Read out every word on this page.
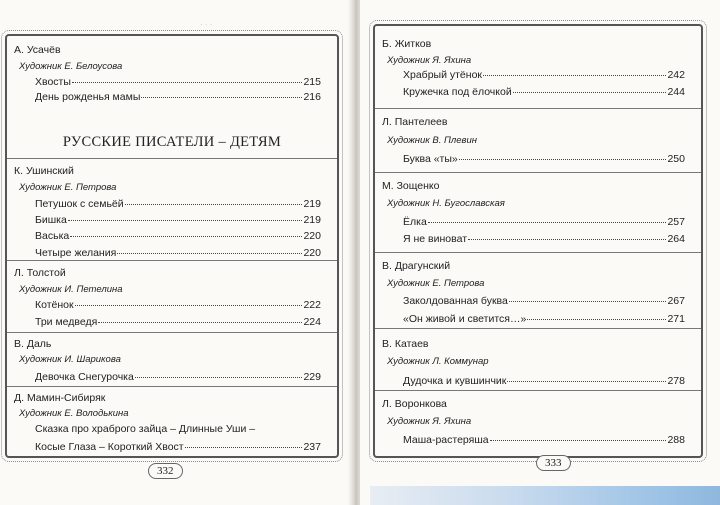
· · ·
А. Усачёв
Художник Е. Белоусова
Хвосты	215
День рожденья мамы	216
РУССКИЕ ПИСАТЕЛИ – ДЕТЯМ
К. Ушинский
Художник Е. Петрова
Петушок с семьёй	219
Бишка	219
Васька	220
Четыре желания	220
Л. Толстой
Художник И. Петелина
Котёнок	222
Три медведя	224
В. Даль
Художник И. Шарикова
Девочка Снегурочка	229
Д. Мамин-Сибиряк
Художник Е. Володькина
Сказка про храброго зайца – Длинные Уши –
Косые Глаза – Короткий Хвост	237
332
Б. Житков
Художник Я. Яхина
Храбрый утёнок	242
Кружечка под ёлочкой	244
Л. Пантелеев
Художник В. Плевин
Буква «ты»	250
М. Зощенко
Художник Н. Бугославская
Ёлка	257
Я не виноват	264
В. Драгунский
Художник Е. Петрова
Заколдованная буква	267
«Он живой и светится…»	271
В. Катаев
Художник Л. Коммунар
Дудочка и кувшинчик	278
Л. Воронкова
Художник Я. Яхина
Маша-растеряша	288
333
